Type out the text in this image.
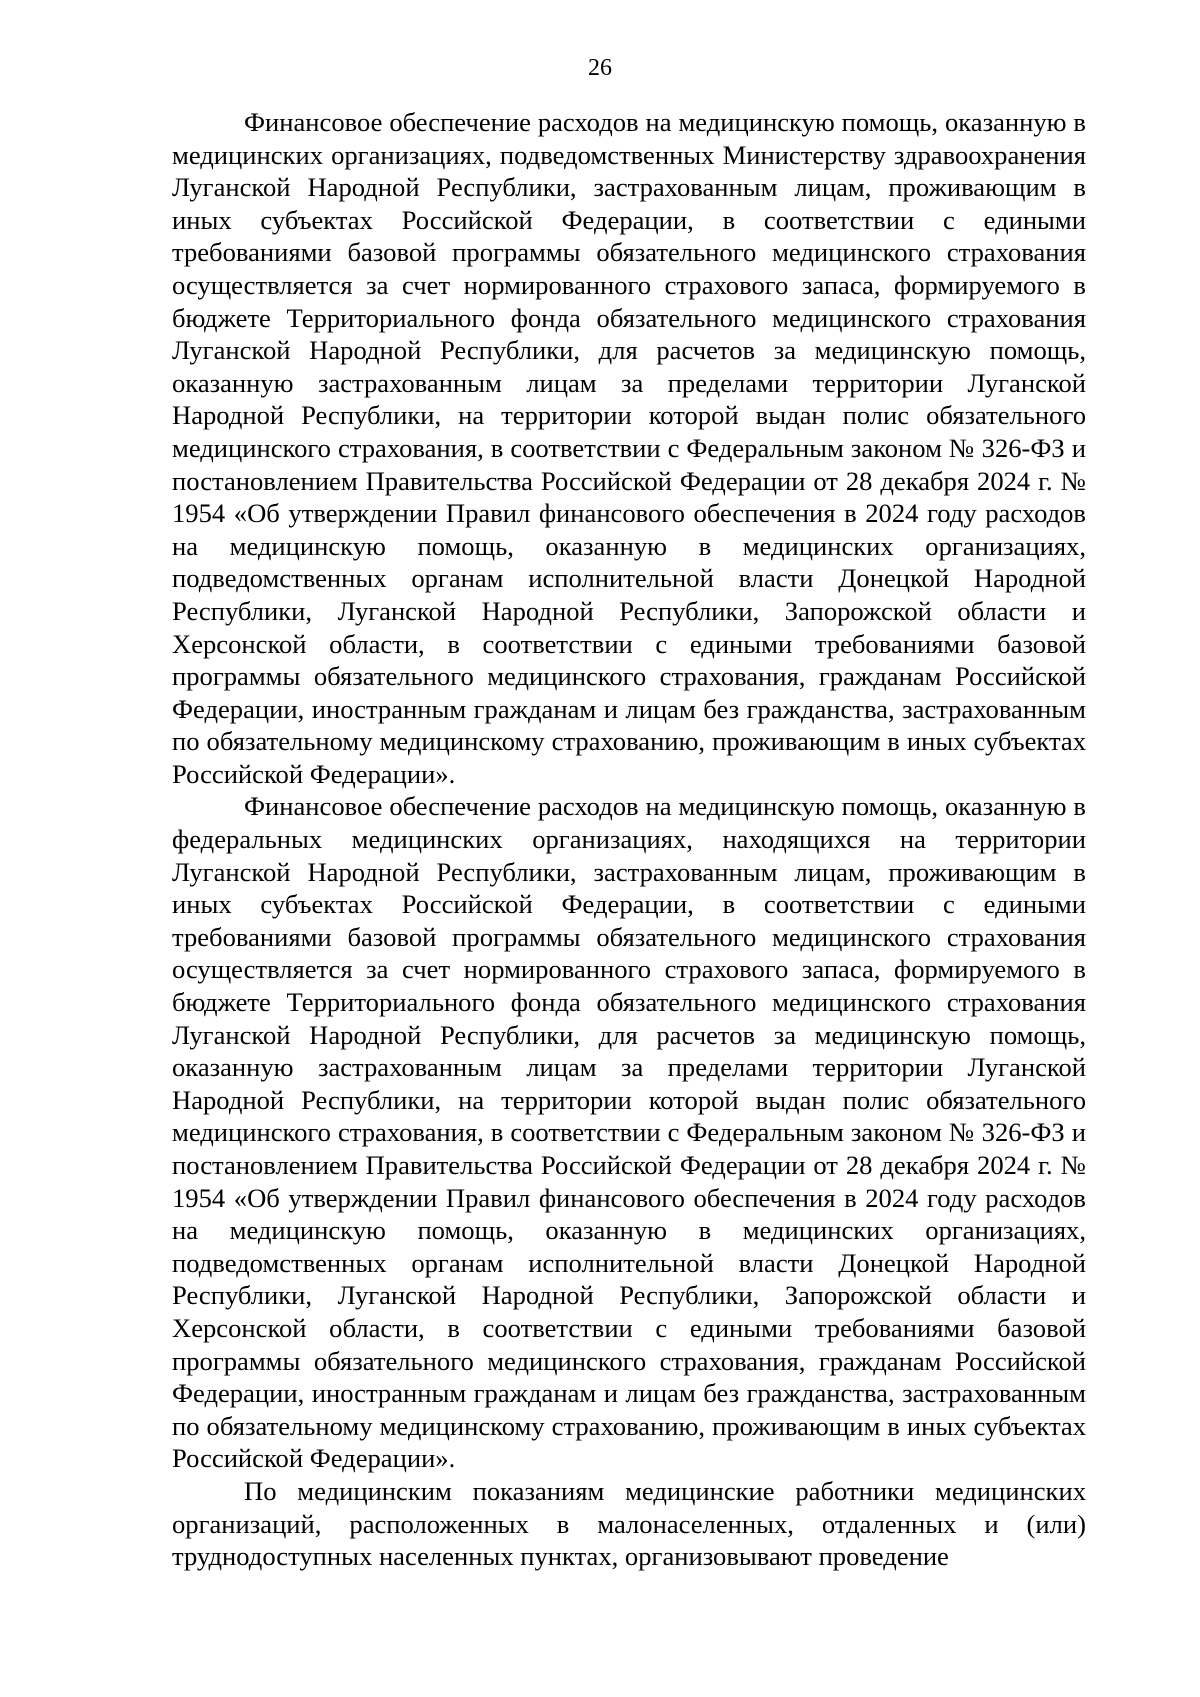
26

Финансовое обеспечение расходов на медицинскую помощь, оказанную в медицинских организациях, подведомственных Министерству здравоохранения Луганской Народной Республики, застрахованным лицам, проживающим в иных субъектах Российской Федерации, в соответствии с едиными требованиями базовой программы обязательного медицинского страхования осуществляется за счет нормированного страхового запаса, формируемого в бюджете Территориального фонда обязательного медицинского страхования Луганской Народной Республики, для расчетов за медицинскую помощь, оказанную застрахованным лицам за пределами территории Луганской Народной Республики, на территории которой выдан полис обязательного медицинского страхования, в соответствии с Федеральным законом № 326-ФЗ и постановлением Правительства Российской Федерации от 28 декабря 2024 г. № 1954 «Об утверждении Правил финансового обеспечения в 2024 году расходов на медицинскую помощь, оказанную в медицинских организациях, подведомственных органам исполнительной власти Донецкой Народной Республики, Луганской Народной Республики, Запорожской области и Херсонской области, в соответствии с едиными требованиями базовой программы обязательного медицинского страхования, гражданам Российской Федерации, иностранным гражданам и лицам без гражданства, застрахованным по обязательному медицинскому страхованию, проживающим в иных субъектах Российской Федерации».

Финансовое обеспечение расходов на медицинскую помощь, оказанную в федеральных медицинских организациях, находящихся на территории Луганской Народной Республики, застрахованным лицам, проживающим в иных субъектах Российской Федерации, в соответствии с едиными требованиями базовой программы обязательного медицинского страхования осуществляется за счет нормированного страхового запаса, формируемого в бюджете Территориального фонда обязательного медицинского страхования Луганской Народной Республики, для расчетов за медицинскую помощь, оказанную застрахованным лицам за пределами территории Луганской Народной Республики, на территории которой выдан полис обязательного медицинского страхования, в соответствии с Федеральным законом № 326-ФЗ и постановлением Правительства Российской Федерации от 28 декабря 2024 г. № 1954 «Об утверждении Правил финансового обеспечения в 2024 году расходов на медицинскую помощь, оказанную в медицинских организациях, подведомственных органам исполнительной власти Донецкой Народной Республики, Луганской Народной Республики, Запорожской области и Херсонской области, в соответствии с едиными требованиями базовой программы обязательного медицинского страхования, гражданам Российской Федерации, иностранным гражданам и лицам без гражданства, застрахованным по обязательному медицинскому страхованию, проживающим в иных субъектах Российской Федерации».

По медицинским показаниям медицинские работники медицинских организаций, расположенных в малонаселенных, отдаленных и (или) труднодоступных населенных пунктах, организовывают проведение
